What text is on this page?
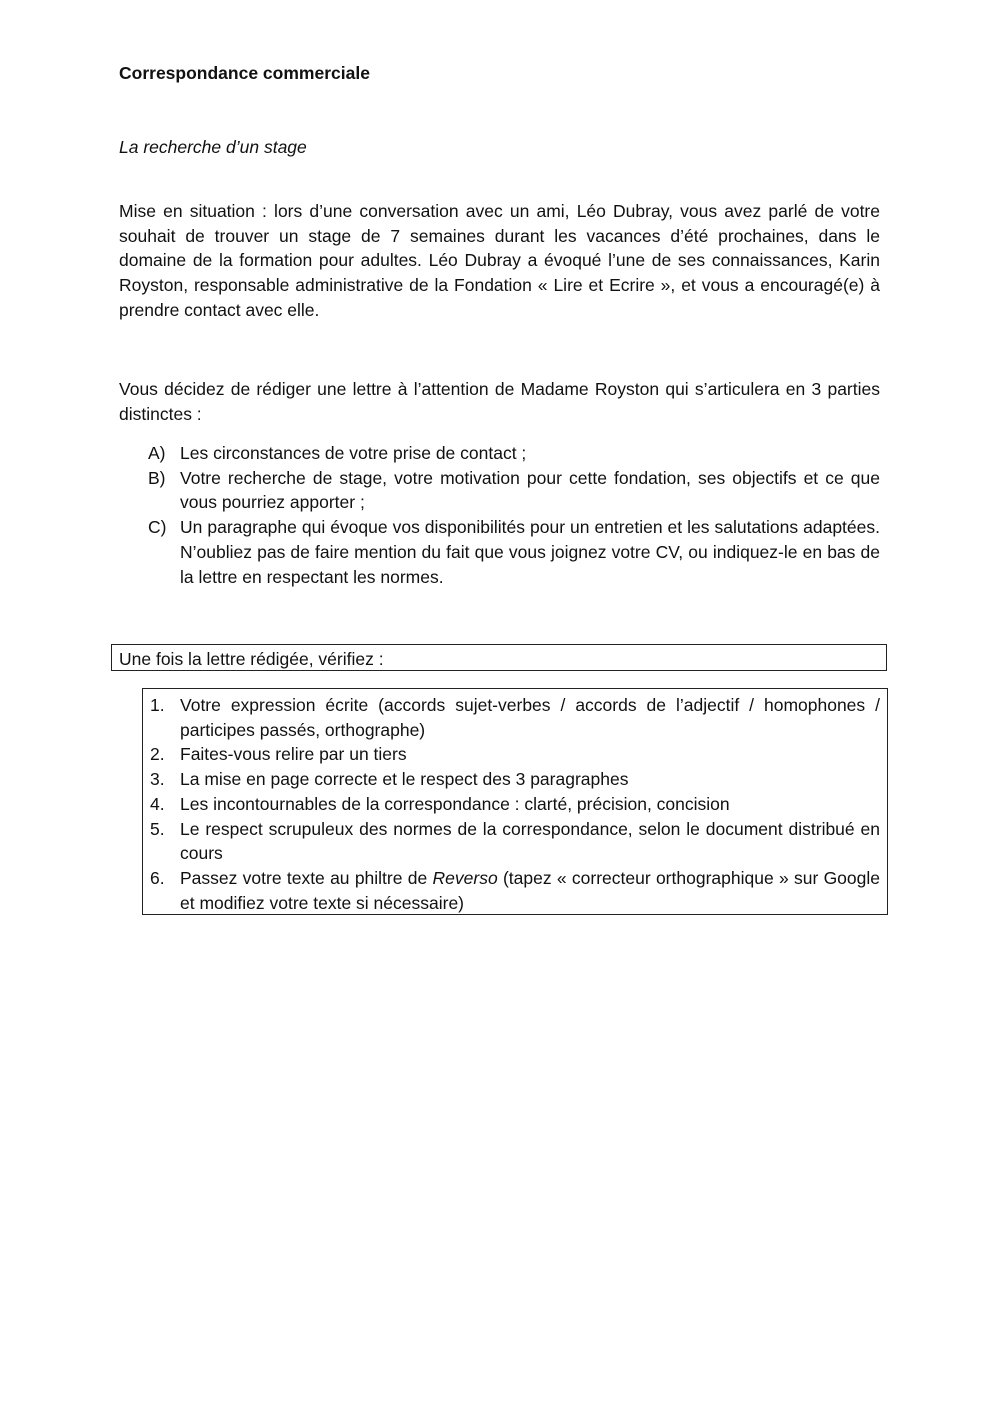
Correspondance commerciale
La recherche d’un stage

Mise en situation : lors d’une conversation avec un ami, Léo Dubray, vous avez parlé de votre souhait de trouver un stage de 7 semaines durant les vacances d’été prochaines, dans le domaine de la formation pour adultes. Léo Dubray a évoqué l’une de ses connaissances, Karin Royston, responsable administrative de la Fondation « Lire et Ecrire », et vous a encouragé(e) à prendre contact avec elle.

Vous décidez de rédiger une lettre à l’attention de Madame Royston qui s’articulera en 3 parties distinctes :

A) Les circonstances de votre prise de contact ;
B) Votre recherche de stage, votre motivation pour cette fondation, ses objectifs et ce que vous pourriez apporter ;
C) Un paragraphe qui évoque vos disponibilités pour un entretien et les salutations adaptées. N’oubliez pas de faire mention du fait que vous joignez votre CV, ou indiquez-le en bas de la lettre en respectant les normes.
Une fois la lettre rédigée, vérifiez :
1. Votre expression écrite (accords sujet-verbes / accords de l’adjectif / homophones / participes passés, orthographe)
2. Faites-vous relire par un tiers
3. La mise en page correcte et le respect des 3 paragraphes
4. Les incontournables de la correspondance : clarté, précision, concision
5. Le respect scrupuleux des normes de la correspondance, selon le document distribué en cours
6. Passez votre texte au philtre de Reverso (tapez « correcteur orthographique » sur Google et modifiez votre texte si nécessaire)
